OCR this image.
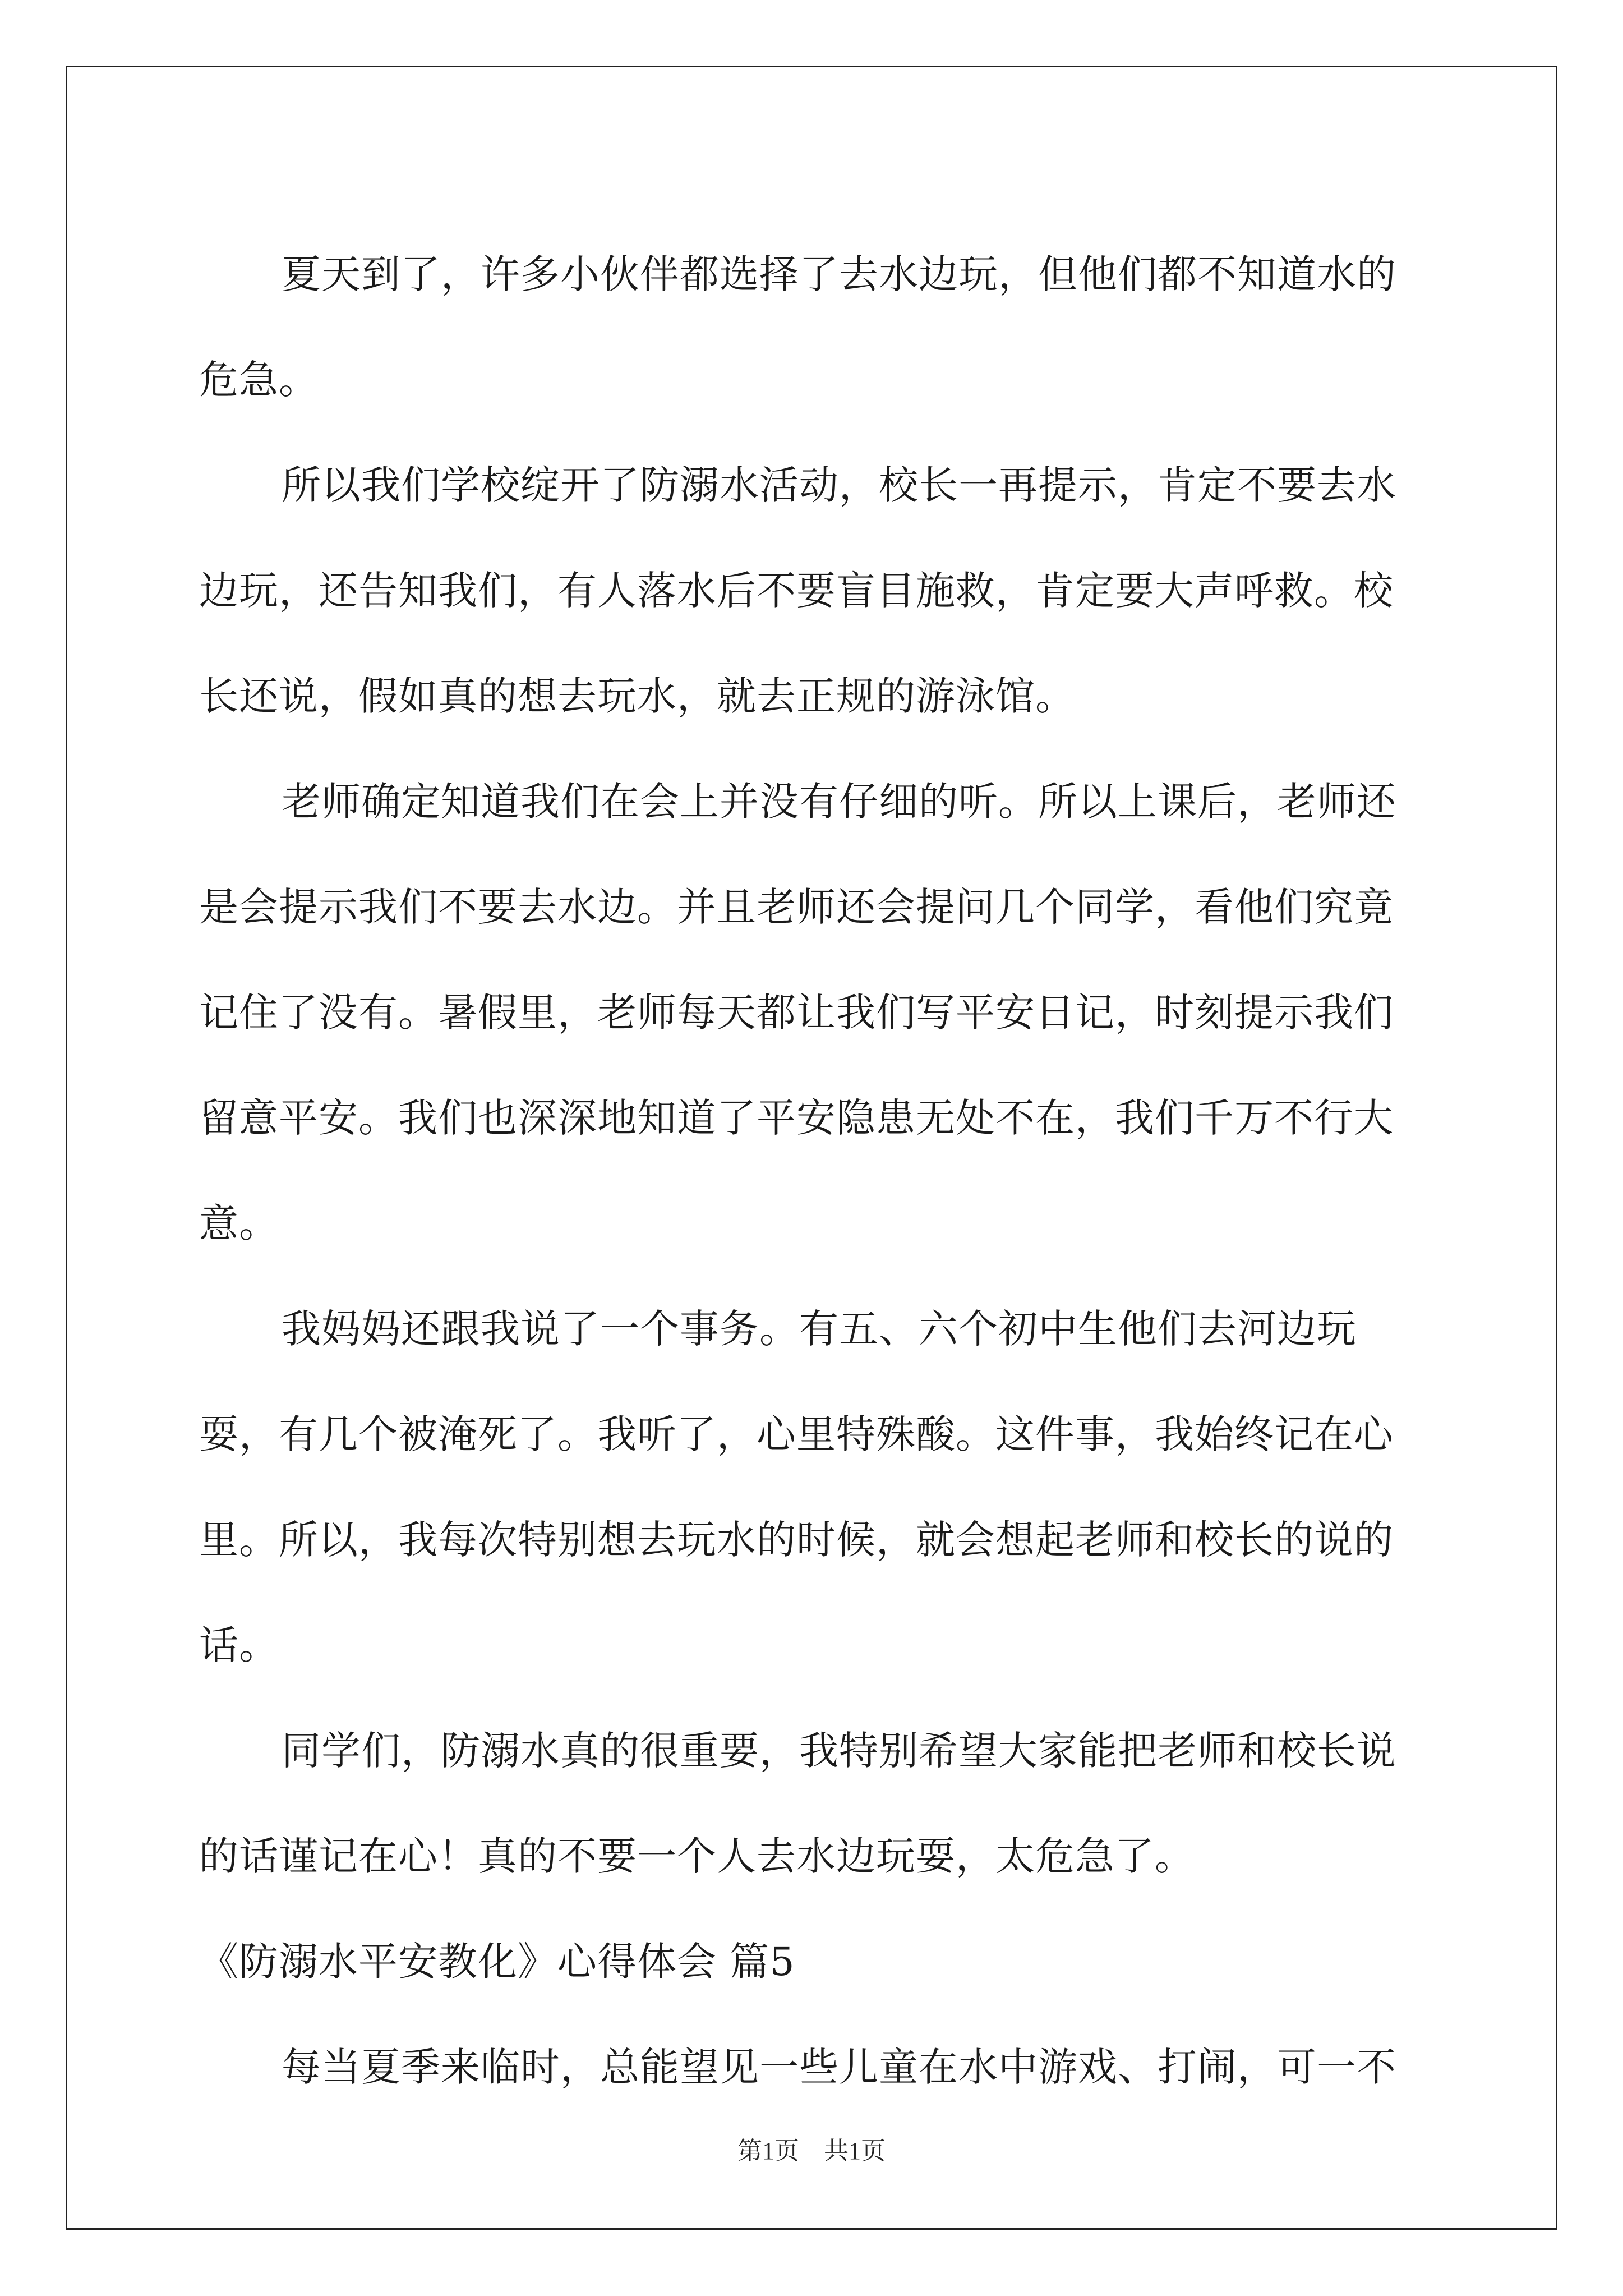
夏天到了，许多小伙伴都选择了去水边玩，但他们都不知道水的危急。

所以我们学校绽开了防溺水活动，校长一再提示，肯定不要去水边玩，还告知我们，有人落水后不要盲目施救，肯定要大声呼救。校长还说，假如真的想去玩水，就去正规的游泳馆。

老师确定知道我们在会上并没有仔细的听。所以上课后，老师还是会提示我们不要去水边。并且老师还会提问几个同学，看他们究竟记住了没有。暑假里，老师每天都让我们写平安日记，时刻提示我们留意平安。我们也深深地知道了平安隐患无处不在，我们千万不行大意。

我妈妈还跟我说了一个事务。有五、六个初中生他们去河边玩耍，有几个被淹死了。我听了，心里特殊酸。这件事，我始终记在心里。所以，我每次特别想去玩水的时候，就会想起老师和校长的说的话。

同学们，防溺水真的很重要，我特别希望大家能把老师和校长说的话谨记在心！真的不要一个人去水边玩耍，太危急了。

《防溺水平安教化》心得体会 篇5

每当夏季来临时，总能望见一些儿童在水中游戏、打闹，可一不

第1页 共1页
